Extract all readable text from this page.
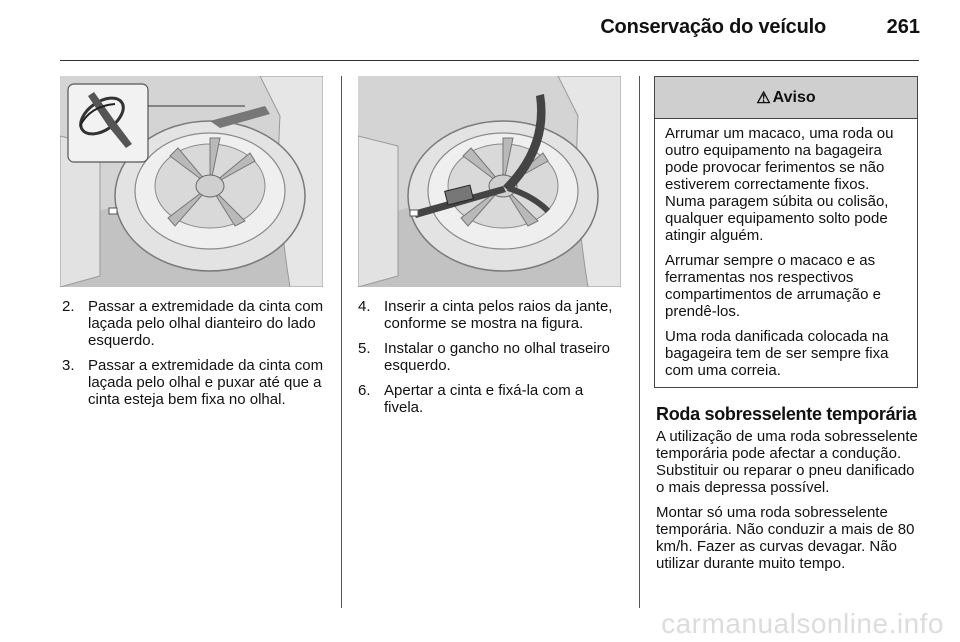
Conservação do veículo	261
2. Passar a extremidade da cinta com laçada pelo olhal dianteiro do lado esquerdo.
3. Passar a extremidade da cinta com laçada pelo olhal e puxar até que a cinta esteja bem fixa no olhal.
4. Inserir a cinta pelos raios da jante, conforme se mostra na figura.
5. Instalar o gancho no olhal traseiro esquerdo.
6. Apertar a cinta e fixá-la com a fivela.
⚠ Aviso

Arrumar um macaco, uma roda ou outro equipamento na bagageira pode provocar ferimentos se não estiverem correctamente fixos. Numa paragem súbita ou colisão, qualquer equipamento solto pode atingir alguém.

Arrumar sempre o macaco e as ferramentas nos respectivos compartimentos de arrumação e prendê-los.

Uma roda danificada colocada na bagageira tem de ser sempre fixa com uma correia.

Roda sobresselente temporária

A utilização de uma roda sobresselente temporária pode afectar a condução. Substituir ou reparar o pneu danificado o mais depressa possível.

Montar só uma roda sobresselente temporária. Não conduzir a mais de 80 km/h. Fazer as curvas devagar. Não utilizar durante muito tempo.

carmanualsonline.info
